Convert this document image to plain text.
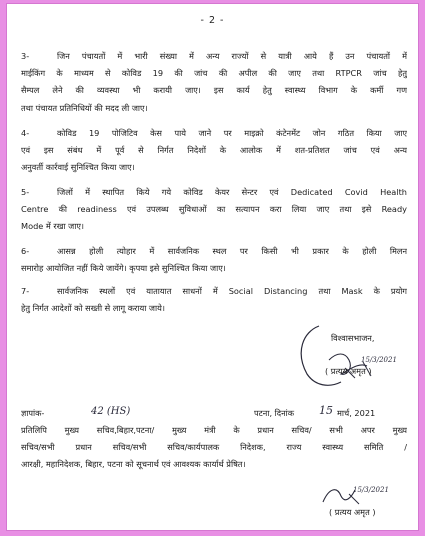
- 2 -
3-	जिन पंचायतों में भारी संख्या में अन्य राज्यों से यात्री आये हैं उन पंचायतों में
माईकिंग के माध्यम से कोविड 19 की जांच की अपील की जाए तथा RTPCR जांच हेतु
सैम्पल लेने की व्यवस्था भी करायी जाए। इस कार्य हेतु स्वास्थ्य विभाग के कर्मी गण
तथा पंचायत प्रतिनिधियों की मदद ली जाए।
4-	कोविड 19 पोजिटिव केस पाये जाने पर माइक्रो कंटेनमेंट जोन गठित किया जाए
एवं इस संबंध में पूर्व से निर्गत निदेशों के आलोक में शत-प्रतिशत जांच एवं अन्य
अनुवर्ती कार्रवाई सुनिश्चित किया जाए।
5-	जिलों में स्थापित किये गये कोविड केयर सेन्टर एवं Dedicated Covid Health
Centre की readiness एवं उपलब्ध सुविधाओं का सत्यापन करा लिया जाए तथा इसे Ready
Mode में रखा जाए।
6-	आसन्न होली त्योहार में सार्वजनिक स्थल पर किसी भी प्रकार के होली मिलन
समारोह आयोजित नहीं किये जायेंगे। कृपया इसे सुनिश्चित किया जाए।
7-	सार्वजनिक स्थलों एवं यातायात साधनों में Social Distancing तथा Mask के प्रयोग
हेतु निर्गत आदेशों को सख्ती से लागू कराया जाये।
विश्वासभाजन,
15/3/2021
( प्रत्यय अमृत )
ज्ञापांक-	42 (HS)	पटना, दिनांक 15 मार्च, 2021
प्रतिलिपि मुख्य सचिव,बिहार,पटना/ मुख्य मंत्री के प्रधान सचिव/ सभी अपर मुख्य
सचिव/सभी प्रधान सचिव/सभी सचिव/कार्यपालक निदेशक, राज्य स्वास्थ्य समिति /
आरक्षी, महानिदेशक, बिहार, पटना को सूचनार्थ एवं आवश्यक कार्यार्थ प्रेषित।
15/3/2021
( प्रत्यय अमृत )
